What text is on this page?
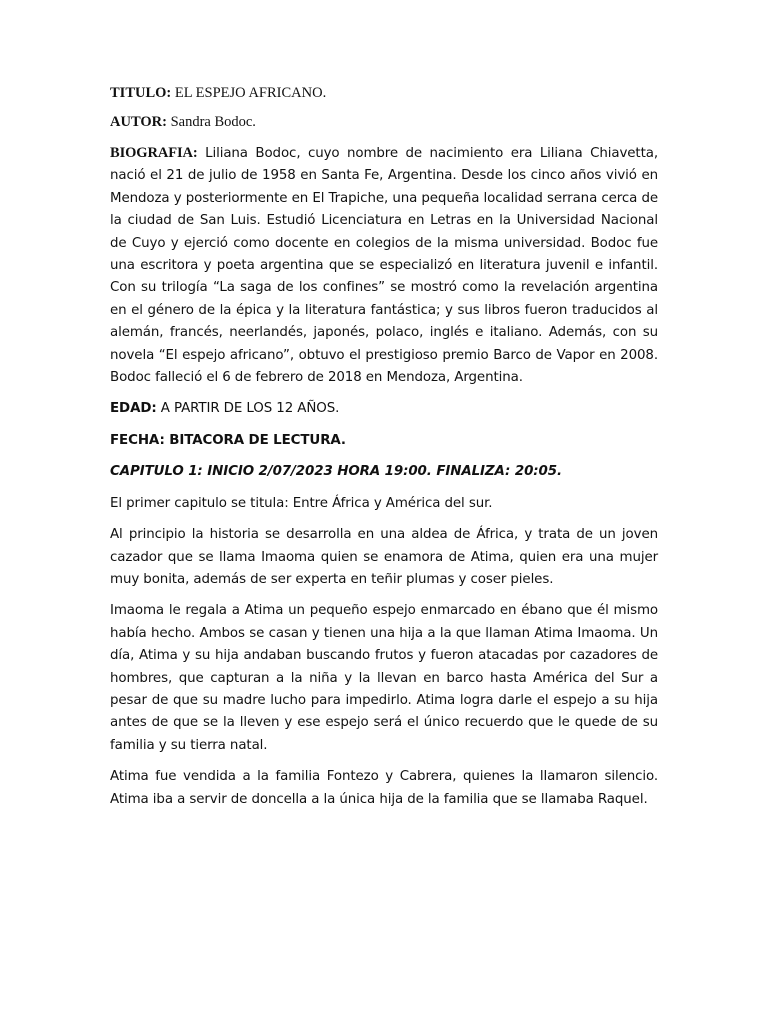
TITULO: EL ESPEJO AFRICANO.

AUTOR: Sandra Bodoc.

BIOGRAFIA: Liliana Bodoc, cuyo nombre de nacimiento era Liliana Chiavetta, nació el 21 de julio de 1958 en Santa Fe, Argentina. Desde los cinco años vivió en Mendoza y posteriormente en El Trapiche, una pequeña localidad serrana cerca de la ciudad de San Luis. Estudió Licenciatura en Letras en la Universidad Nacional de Cuyo y ejerció como docente en colegios de la misma universidad. Bodoc fue una escritora y poeta argentina que se especializó en literatura juvenil e infantil. Con su trilogía “La saga de los confines” se mostró como la revelación argentina en el género de la épica y la literatura fantástica; y sus libros fueron traducidos al alemán, francés, neerlandés, japonés, polaco, inglés e italiano. Además, con su novela “El espejo africano”, obtuvo el prestigioso premio Barco de Vapor en 2008. Bodoc falleció el 6 de febrero de 2018 en Mendoza, Argentina.

EDAD: A PARTIR DE LOS 12 AÑOS.

FECHA: BITACORA DE LECTURA.

CAPITULO 1: INICIO 2/07/2023 HORA 19:00. FINALIZA: 20:05.

El primer capitulo se titula: Entre África y América del sur.

Al principio la historia se desarrolla en una aldea de África, y trata de un joven cazador que se llama Imaoma quien se enamora de Atima, quien era una mujer muy bonita, además de ser experta en teñir plumas y coser pieles.

Imaoma le regala a Atima un pequeño espejo enmarcado en ébano que él mismo había hecho. Ambos se casan y tienen una hija a la que llaman Atima Imaoma. Un día, Atima y su hija andaban buscando frutos y fueron atacadas por cazadores de hombres, que capturan a la niña y la llevan en barco hasta América del Sur a pesar de que su madre lucho para impedirlo. Atima logra darle el espejo a su hija antes de que se la lleven y ese espejo será el único recuerdo que le quede de su familia y su tierra natal.

Atima fue vendida a la familia Fontezo y Cabrera, quienes la llamaron silencio. Atima iba a servir de doncella a la única hija de la familia que se llamaba Raquel.
